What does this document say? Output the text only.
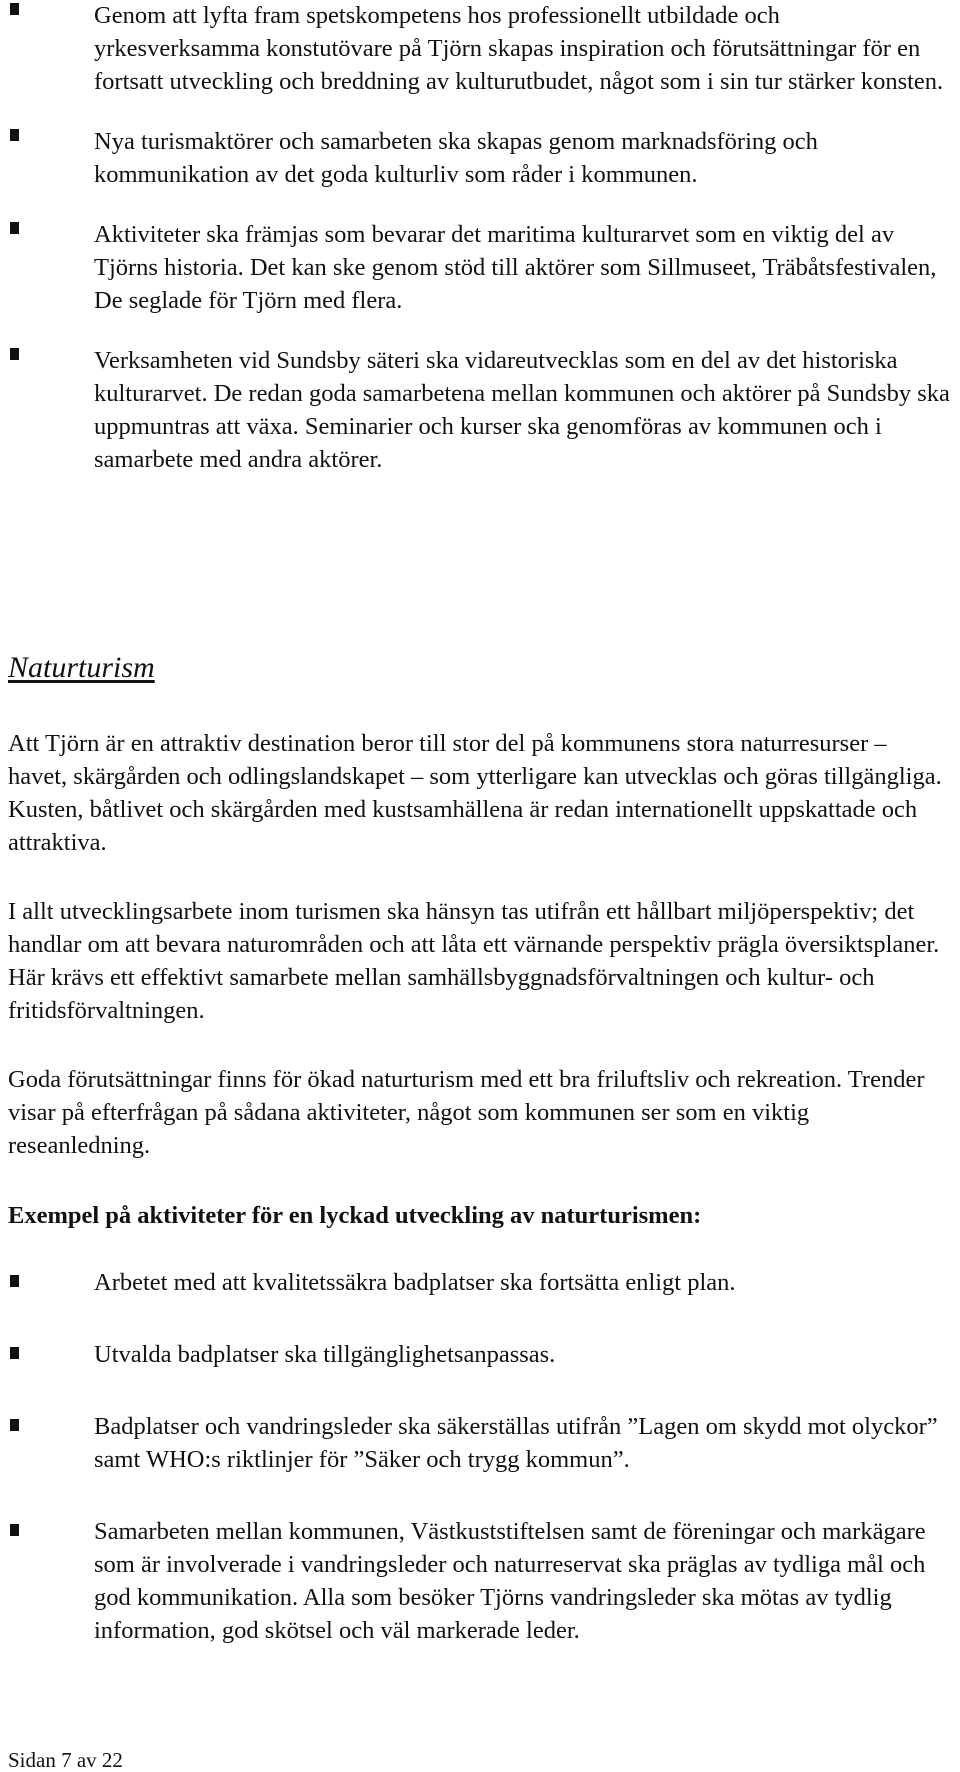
Genom att lyfta fram spetskompetens hos professionellt utbildade och yrkesverksamma konstutövare på Tjörn skapas inspiration och förutsättningar för en fortsatt utveckling och breddning av kulturutbudet, något som i sin tur stärker konsten.
Nya turismaktörer och samarbeten ska skapas genom marknadsföring och kommunikation av det goda kulturliv som råder i kommunen.
Aktiviteter ska främjas som bevarar det maritima kulturarvet som en viktig del av Tjörns historia. Det kan ske genom stöd till aktörer som Sillmuseet, Träbåtsfestivalen, De seglade för Tjörn med flera.
Verksamheten vid Sundsby säteri ska vidareutvecklas som en del av det historiska kulturarvet. De redan goda samarbetena mellan kommunen och aktörer på Sundsby ska uppmuntras att växa. Seminarier och kurser ska genomföras av kommunen och i samarbete med andra aktörer.
Naturturism

Att Tjörn är en attraktiv destination beror till stor del på kommunens stora naturresurser – havet, skärgården och odlingslandskapet – som ytterligare kan utvecklas och göras tillgängliga. Kusten, båtlivet och skärgården med kustsamhällena är redan internationellt uppskattade och attraktiva.

I allt utvecklingsarbete inom turismen ska hänsyn tas utifrån ett hållbart miljöperspektiv; det handlar om att bevara naturområden och att låta ett värnande perspektiv prägla översiktsplaner. Här krävs ett effektivt samarbete mellan samhällsbyggnadsförvaltningen och kultur- och fritidsförvaltningen.

Goda förutsättningar finns för ökad naturturism med ett bra friluftsliv och rekreation. Trender visar på efterfrågan på sådana aktiviteter, något som kommunen ser som en viktig reseanledning.

Exempel på aktiviteter för en lyckad utveckling av naturturismen:

Arbetet med att kvalitetssäkra badplatser ska fortsätta enligt plan.
Utvalda badplatser ska tillgänglighetsanpassas.
Badplatser och vandringsleder ska säkerställas utifrån ”Lagen om skydd mot olyckor” samt WHO:s riktlinjer för ”Säker och trygg kommun”.
Samarbeten mellan kommunen, Västkuststiftelsen samt de föreningar och markägare som är involverade i vandringsleder och naturreservat ska präglas av tydliga mål och god kommunikation. Alla som besöker Tjörns vandringsleder ska mötas av tydlig information, god skötsel och väl markerade leder.

Sidan 7 av 22
